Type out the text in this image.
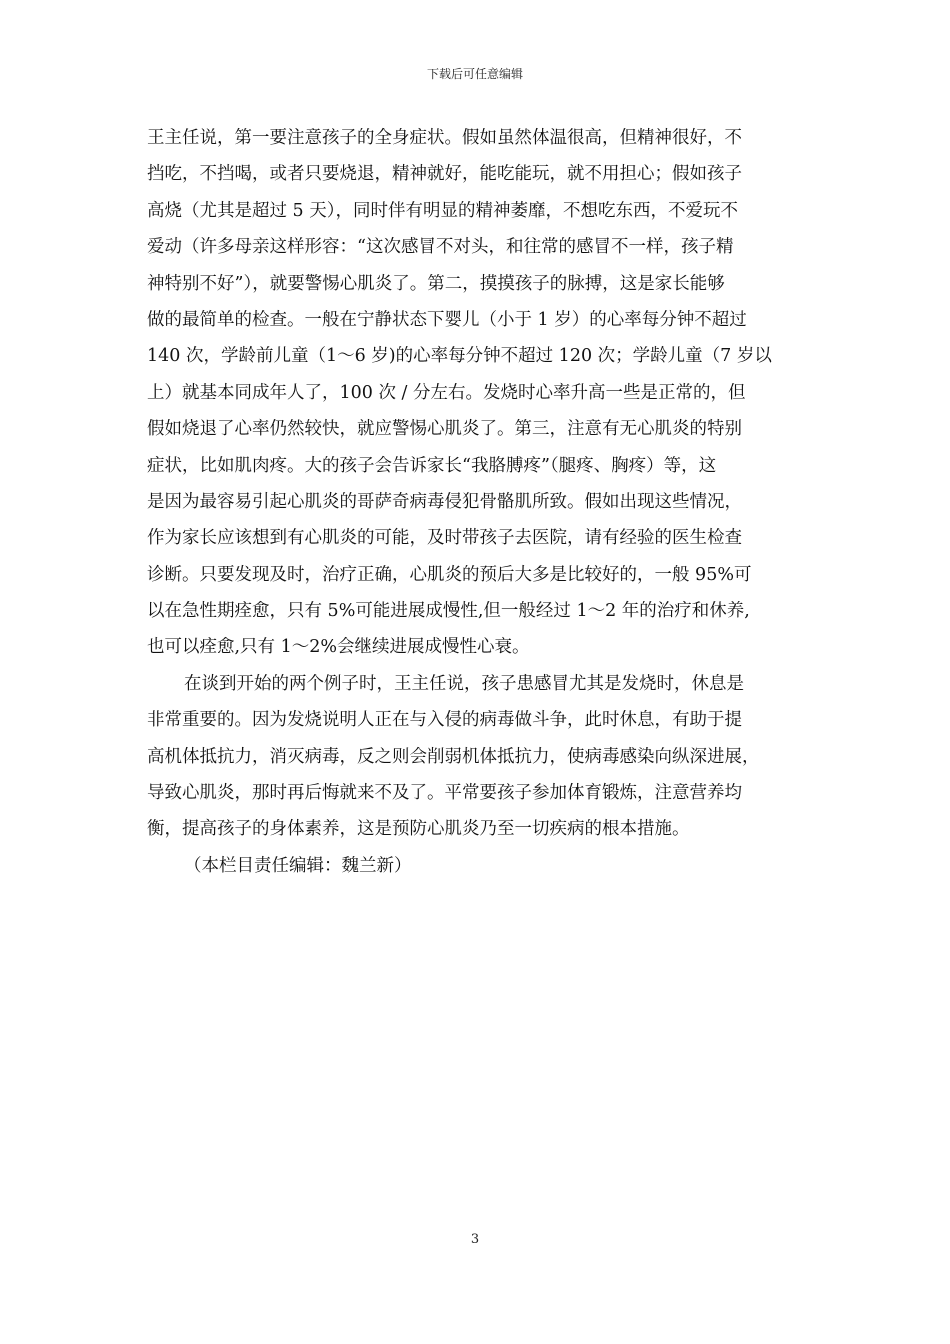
下载后可任意编辑
王主任说，第一要注意孩子的全身症状。假如虽然体温很高，但精神很好，不
挡吃，不挡喝，或者只要烧退，精神就好，能吃能玩，就不用担心；假如孩子
高烧（尤其是超过 5 天），同时伴有明显的精神萎靡，不想吃东西，不爱玩不
爱动（许多母亲这样形容：“这次感冒不对头，和往常的感冒不一样，孩子精
神特别不好”），就要警惕心肌炎了。第二，摸摸孩子的脉搏，这是家长能够
做的最简单的检查。一般在宁静状态下婴儿（小于 1 岁）的心率每分钟不超过
140 次，学龄前儿童（1～6 岁)的心率每分钟不超过 120 次；学龄儿童（7 岁以
上）就基本同成年人了，100 次 / 分左右。发烧时心率升高一些是正常的，但
假如烧退了心率仍然较快，就应警惕心肌炎了。第三，注意有无心肌炎的特别
症状，比如肌肉疼。大的孩子会告诉家长“我胳膊疼”（腿疼、胸疼）等，这
是因为最容易引起心肌炎的哥萨奇病毒侵犯骨骼肌所致。假如出现这些情况，
作为家长应该想到有心肌炎的可能，及时带孩子去医院，请有经验的医生检查
诊断。只要发现及时，治疗正确，心肌炎的预后大多是比较好的，一般 95%可
以在急性期痊愈，只有 5%可能进展成慢性,但一般经过 1～2 年的治疗和休养,
也可以痊愈,只有 1～2%会继续进展成慢性心衰。
在谈到开始的两个例子时，王主任说，孩子患感冒尤其是发烧时，休息是
非常重要的。因为发烧说明人正在与入侵的病毒做斗争，此时休息，有助于提
高机体抵抗力，消灭病毒，反之则会削弱机体抵抗力，使病毒感染向纵深进展，
导致心肌炎，那时再后悔就来不及了。平常要孩子参加体育锻炼，注意营养均
衡，提高孩子的身体素养，这是预防心肌炎乃至一切疾病的根本措施。
（本栏目责任编辑：魏兰新）
3
